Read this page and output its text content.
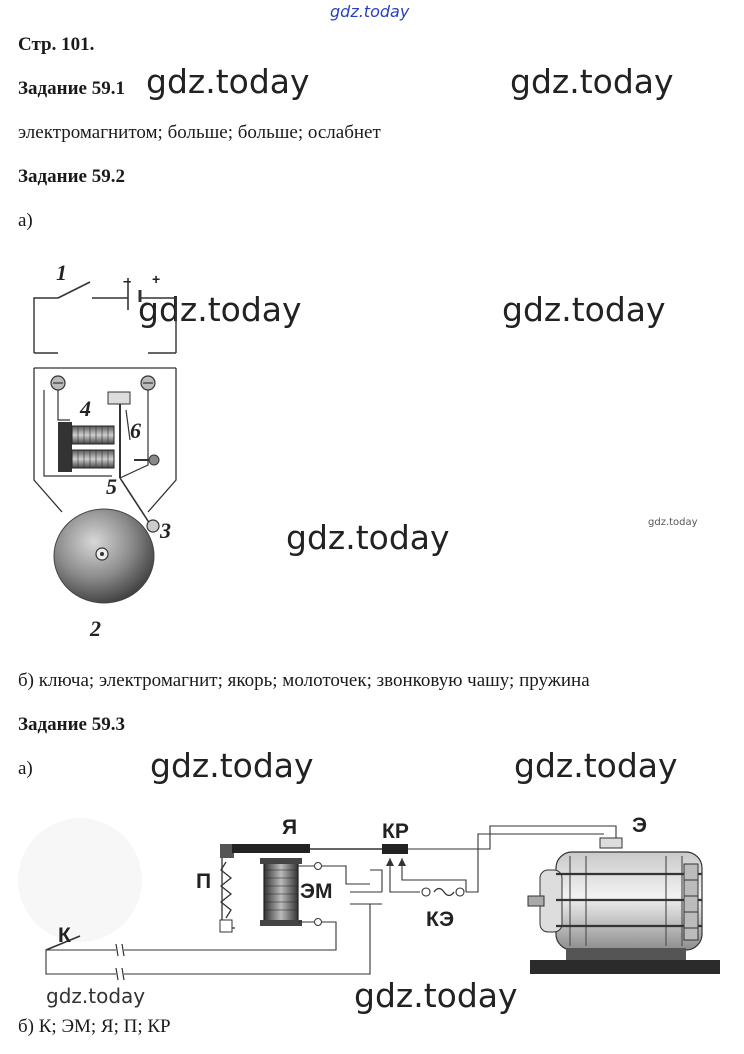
gdz.today
gdz.today	gdz.today
gdz.today	gdz.today
gdz.today	gdz.today
gdz.today	gdz.today
gdz.today
gdz.today
Стр. 101.
Задание 59.1
электромагнитом; больше; больше; ослабнет
Задание 59.2
а)
б) ключа; электромагнит; якорь; молоточек; звонковую чашу; пружина
Задание 59.3
а)
б) К; ЭМ; Я; П; КР
1	– +
4
6
5
3
2
Я	КР	Э
П	ЭМ
КЭ
К
